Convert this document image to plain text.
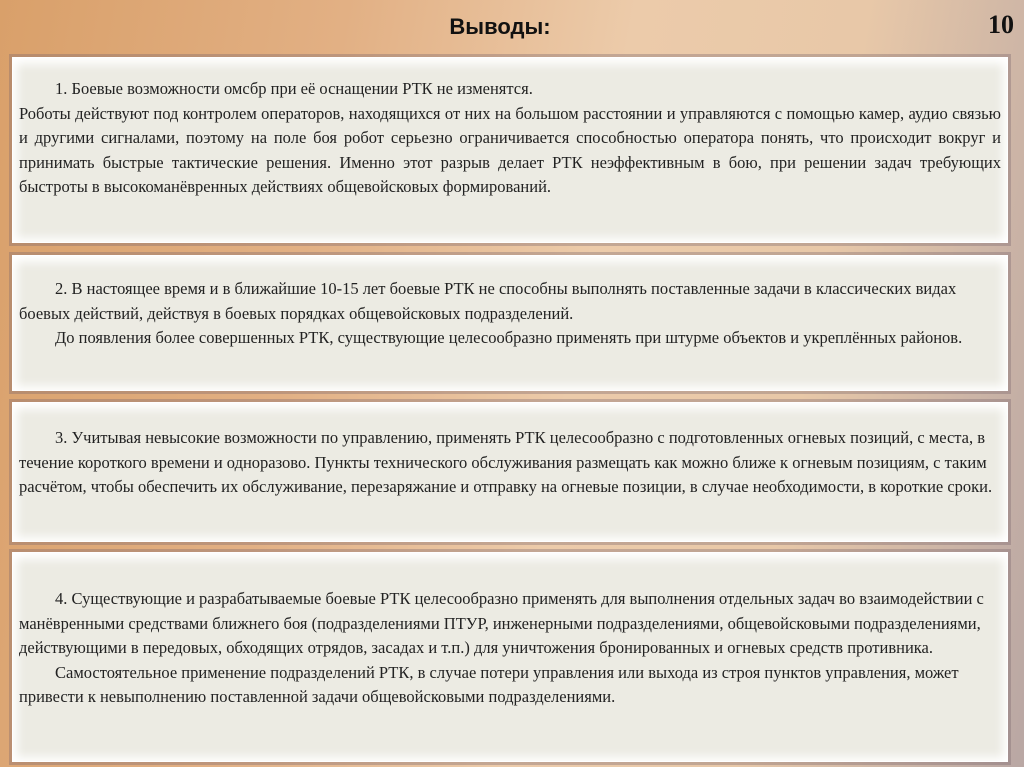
Выводы:	10

1. Боевые возможности омсбр при её оснащении РТК не изменятся.

Роботы действуют под контролем операторов, находящихся от них на большом расстоянии и управляются с помощью камер, аудио связью и другими сигналами, поэтому на поле боя робот серьезно ограничивается способностью оператора понять, что происходит вокруг и принимать быстрые тактические решения. Именно этот разрыв делает РТК неэффективным в бою, при решении задач требующих быстроты в высокоманёвренных действиях общевойсковых формирований.

2. В настоящее время и в ближайшие 10-15 лет боевые РТК не способны выполнять поставленные задачи в классических видах боевых действий, действуя в боевых порядках общевойсковых подразделений.

До появления более совершенных РТК, существующие целесообразно применять при штурме объектов и укреплённых районов.

3. Учитывая невысокие возможности по управлению, применять РТК целесообразно с подготовленных огневых позиций, с места, в течение короткого времени и одноразово. Пункты технического обслуживания размещать как можно ближе к огневым позициям, с таким расчётом, чтобы обеспечить их обслуживание, перезаряжание и отправку на огневые позиции, в случае необходимости, в короткие сроки.

4. Существующие и разрабатываемые боевые РТК целесообразно применять для выполнения отдельных задач во взаимодействии с манёвренными средствами ближнего боя (подразделениями ПТУР, инженерными подразделениями, общевойсковыми подразделениями, действующими в передовых, обходящих отрядов, засадах и т.п.) для уничтожения бронированных и огневых средств противника.

Самостоятельное применение подразделений РТК, в случае потери управления или выхода из строя пунктов управления, может привести к невыполнению поставленной задачи общевойсковыми подразделениями.
